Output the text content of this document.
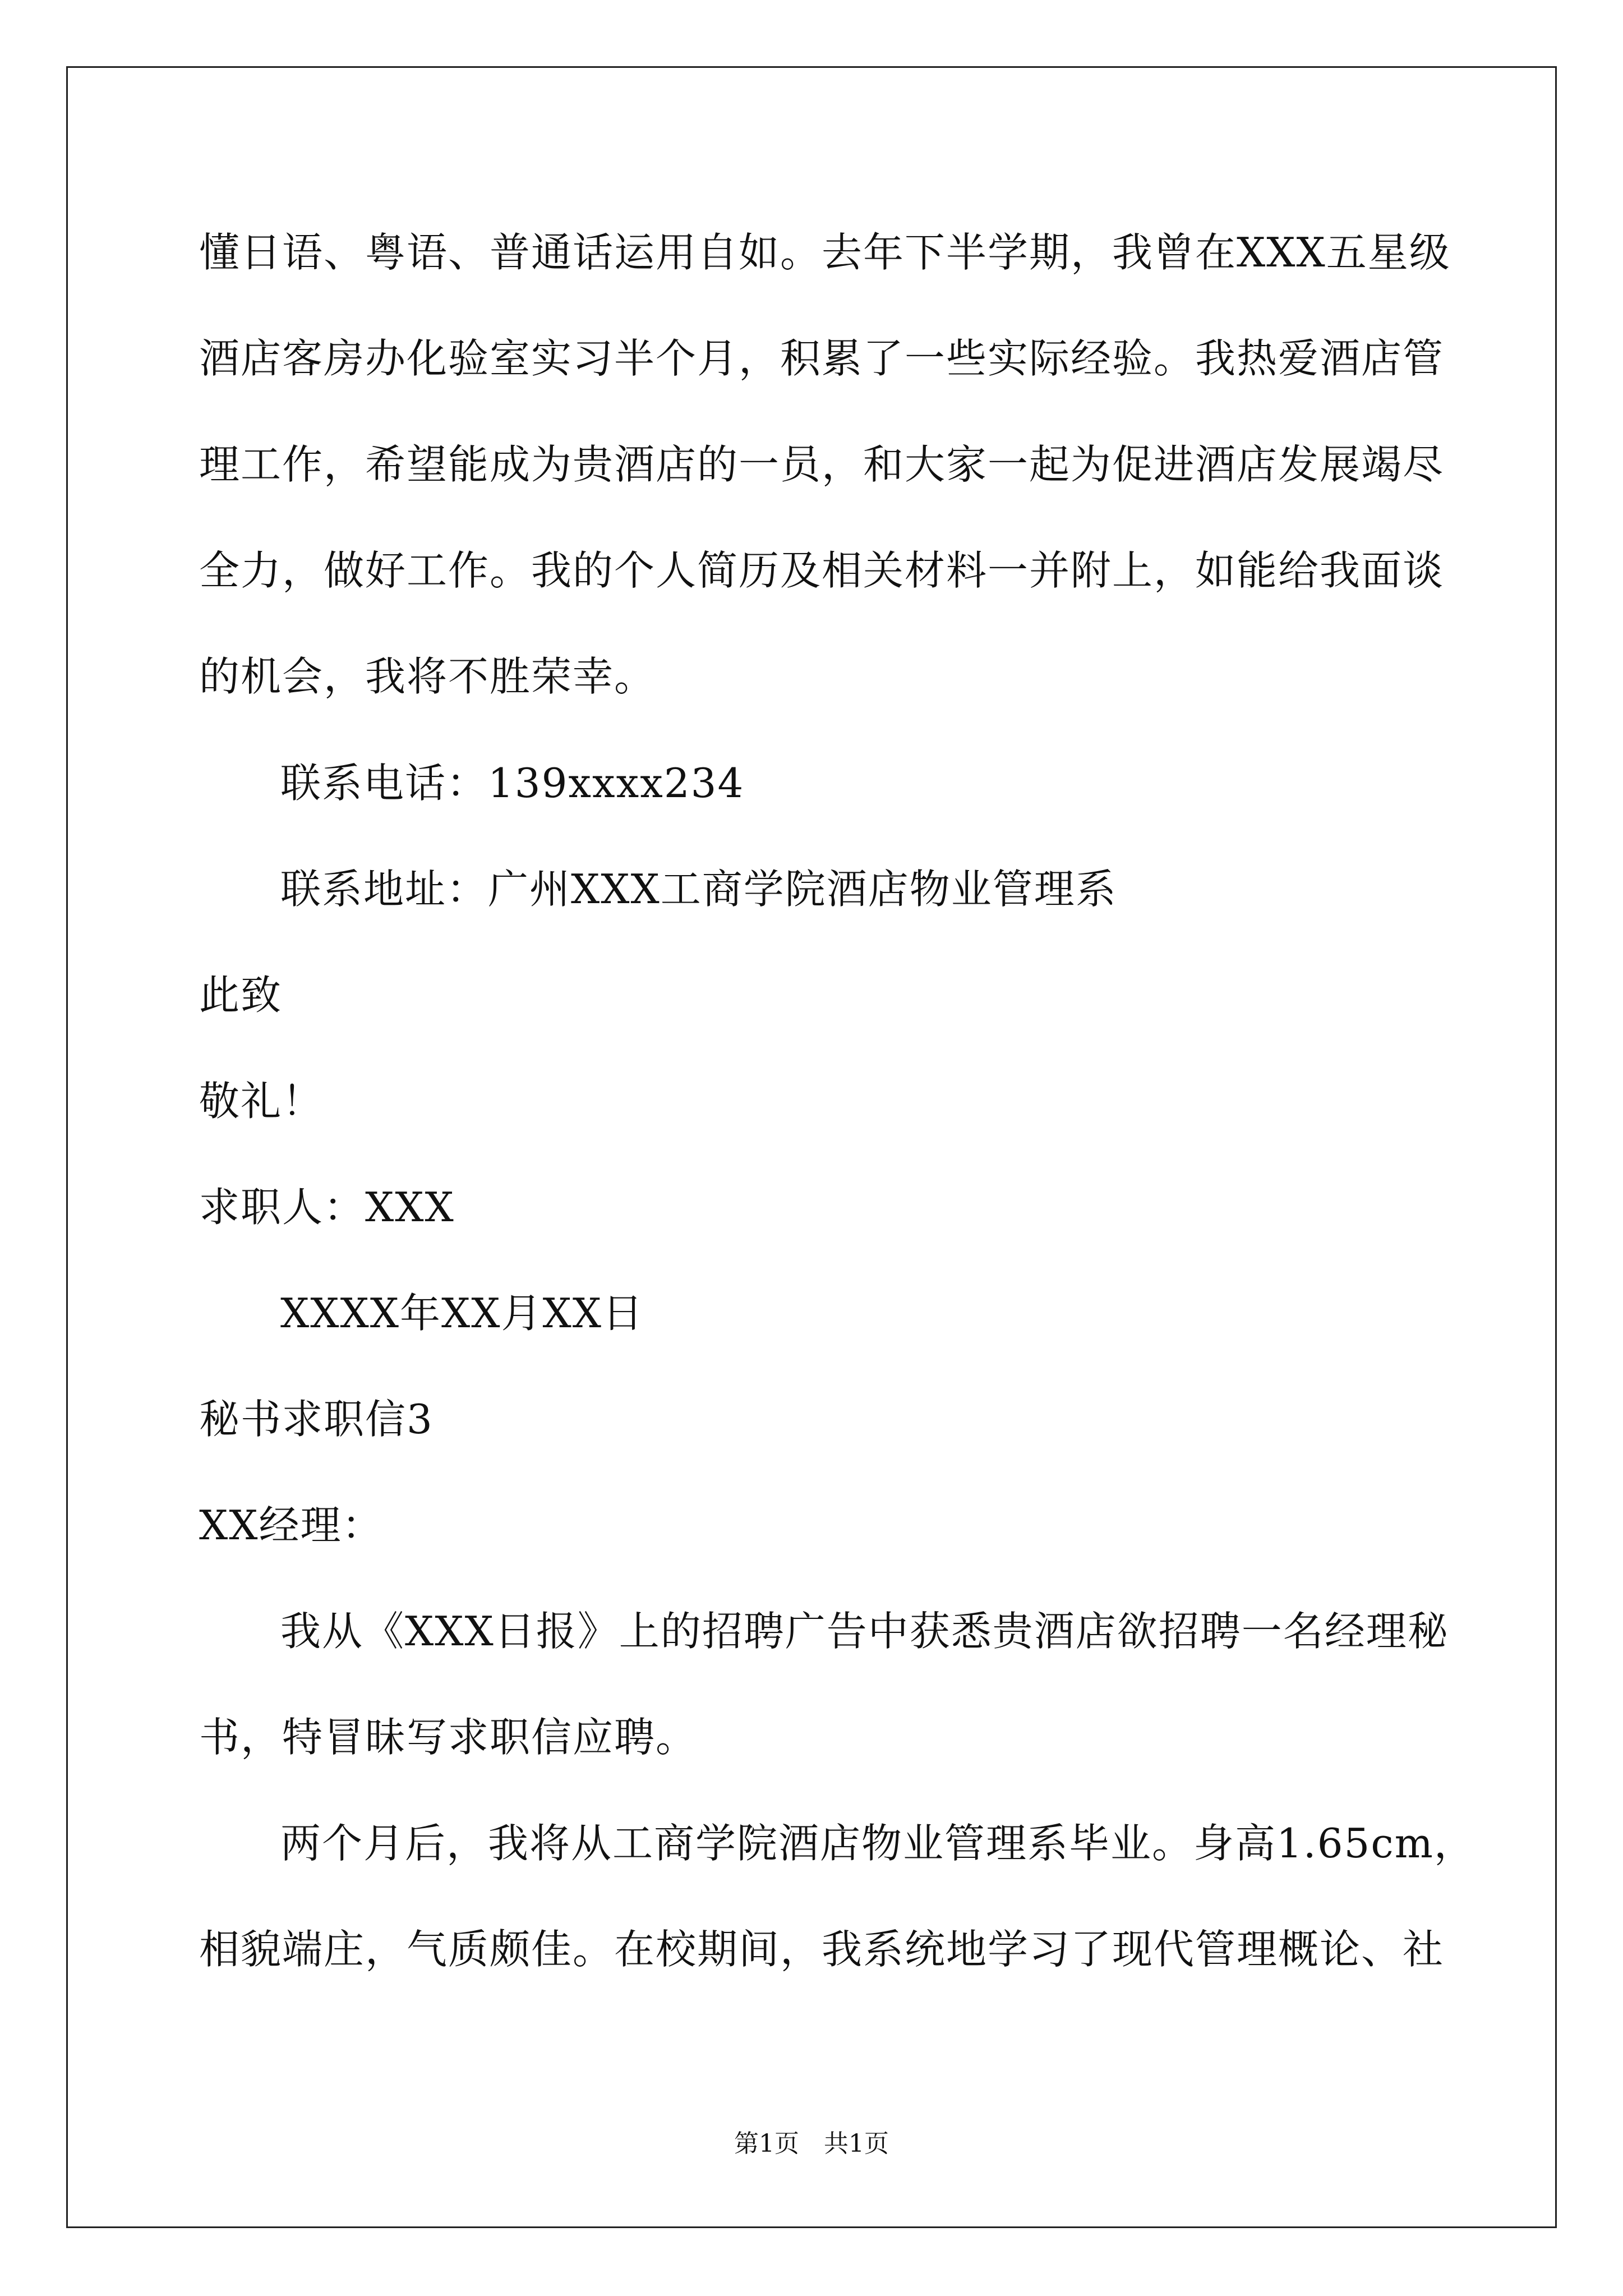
懂日语、粤语、普通话运用自如。去年下半学期，我曾在XXX五星级
酒店客房办化验室实习半个月，积累了一些实际经验。我热爱酒店管
理工作，希望能成为贵酒店的一员，和大家一起为促进酒店发展竭尽
全力，做好工作。我的个人简历及相关材料一并附上，如能给我面谈
的机会，我将不胜荣幸。
联系电话：139xxxx234
联系地址：广州XXX工商学院酒店物业管理系
此致
敬礼！
求职人：XXX
XXXX年XX月XX日
秘书求职信3
XX经理：
我从《XXX日报》上的招聘广告中获悉贵酒店欲招聘一名经理秘
书，特冒昧写求职信应聘。
两个月后，我将从工商学院酒店物业管理系毕业。身高1.65cm，
相貌端庄，气质颇佳。在校期间，我系统地学习了现代管理概论、社
第1页　共1页
